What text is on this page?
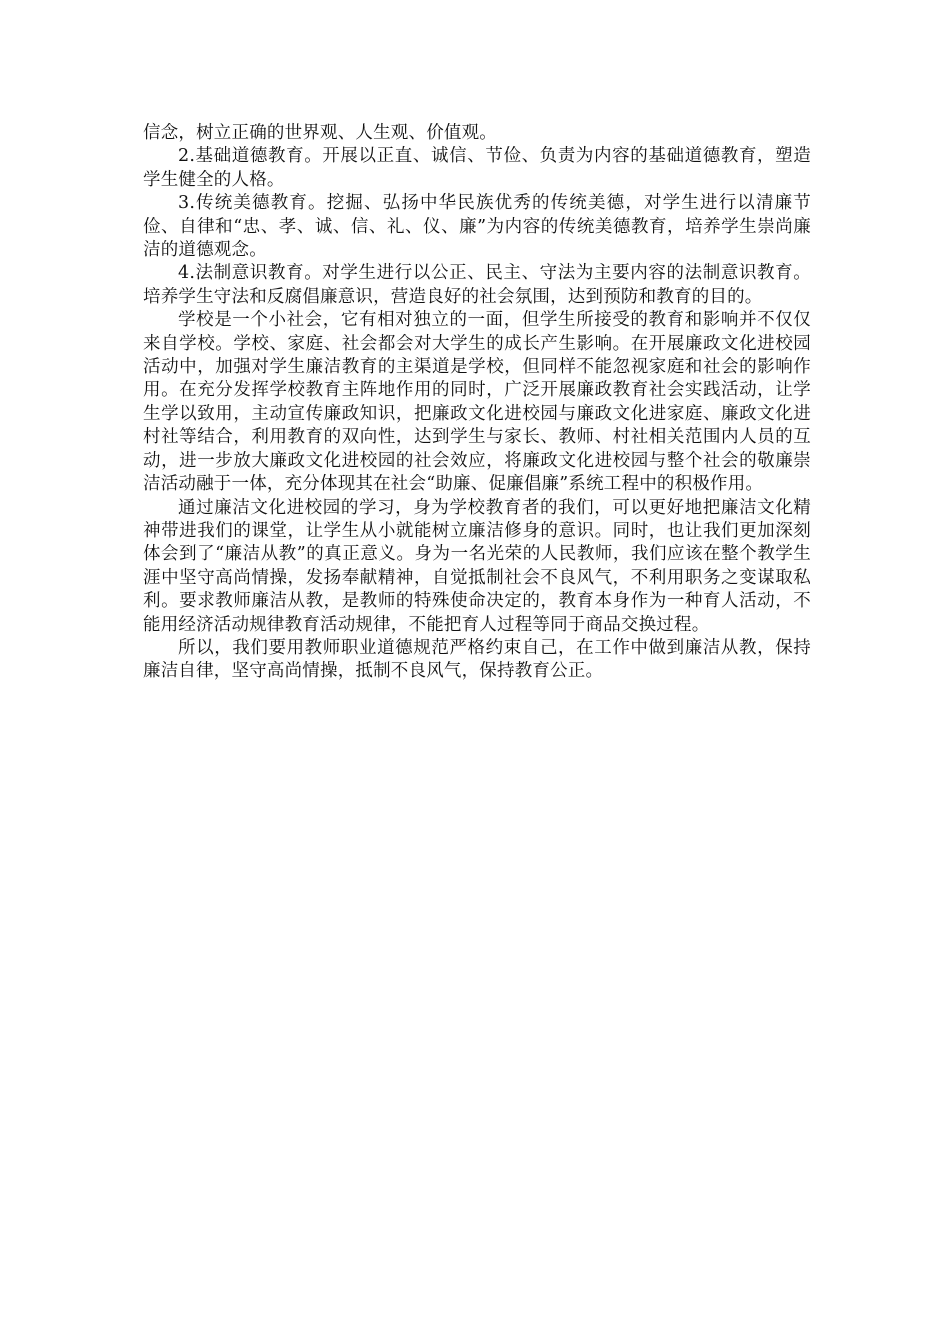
信念，树立正确的世界观、人生观、价值观。

2.基础道德教育。开展以正直、诚信、节俭、负责为内容的基础道德教育，塑造学生健全的人格。

3.传统美德教育。挖掘、弘扬中华民族优秀的传统美德，对学生进行以清廉节俭、自律和“忠、孝、诚、信、礼、仪、廉”为内容的传统美德教育，培养学生崇尚廉洁的道德观念。

4.法制意识教育。对学生进行以公正、民主、守法为主要内容的法制意识教育。培养学生守法和反腐倡廉意识，营造良好的社会氛围，达到预防和教育的目的。

学校是一个小社会，它有相对独立的一面，但学生所接受的教育和影响并不仅仅来自学校。学校、家庭、社会都会对大学生的成长产生影响。在开展廉政文化进校园活动中，加强对学生廉洁教育的主渠道是学校，但同样不能忽视家庭和社会的影响作用。在充分发挥学校教育主阵地作用的同时，广泛开展廉政教育社会实践活动，让学生学以致用，主动宣传廉政知识，把廉政文化进校园与廉政文化进家庭、廉政文化进村社等结合，利用教育的双向性，达到学生与家长、教师、村社相关范围内人员的互动，进一步放大廉政文化进校园的社会效应，将廉政文化进校园与整个社会的敬廉崇洁活动融于一体，充分体现其在社会“助廉、促廉倡廉”系统工程中的积极作用。

通过廉洁文化进校园的学习，身为学校教育者的我们，可以更好地把廉洁文化精神带进我们的课堂，让学生从小就能树立廉洁修身的意识。同时，也让我们更加深刻体会到了“廉洁从教”的真正意义。身为一名光荣的人民教师，我们应该在整个教学生涯中坚守高尚情操，发扬奉献精神，自觉抵制社会不良风气，不利用职务之变谋取私利。要求教师廉洁从教，是教师的特殊使命决定的，教育本身作为一种育人活动，不能用经济活动规律教育活动规律，不能把育人过程等同于商品交换过程。

所以，我们要用教师职业道德规范严格约束自己，在工作中做到廉洁从教，保持廉洁自律，坚守高尚情操，抵制不良风气，保持教育公正。
